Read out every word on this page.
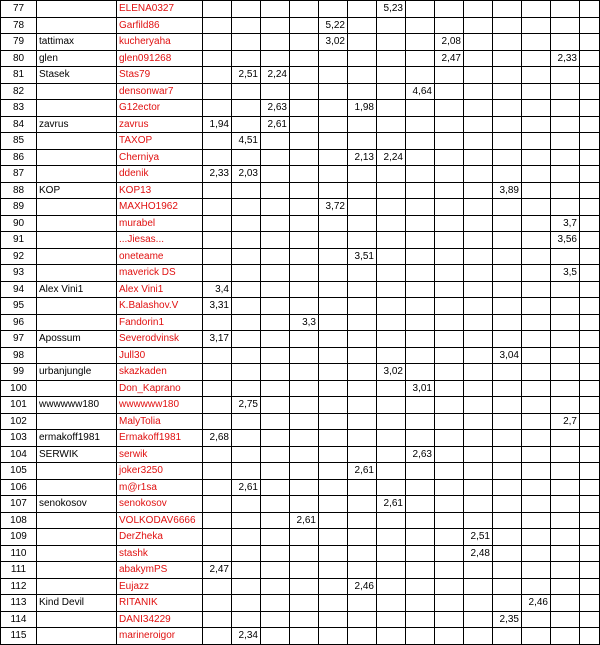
77		ELENA0327							5,23								
78		Garfild86					5,22										
79	tattimax	kucheryaha					3,02				2,08						
80	glen	glen091268									2,47				2,33		
81	Stasek	Stas79		2,51	2,24												
82		densonwar7								4,64							
83		G12ector			2,63			1,98									
84	zavrus	zavrus	1,94		2,61												
85		TAXOP		4,51													
86		Cherniya						2,13	2,24								
87		ddenik	2,33	2,03													
88	KOP	KOP13											3,89				
89		MAXHO1962					3,72										
90		murabel													3,7		
91		...Jiesas...													3,56		
92		oneteame						3,51									
93		maverick DS													3,5		
94	Alex Vini1	Alex Vini1	3,4														
95		K.Balashov.V	3,31														
96		Fandorin1				3,3											
97	Apossum	Severodvinsk	3,17														
98		Jull30											3,04				
99	urbanjungle	skazkaden							3,02								
100		Don_Kaprano								3,01							
101	wwwwww180	wwwwww180		2,75													
102		MalyTolia													2,7		
103	ermakoff1981	Ermakoff1981	2,68														
104	SERWIK	serwik								2,63							
105		joker3250						2,61									
106		m@r1sa		2,61													
107	senokosov	senokosov							2,61								
108		VOLKODAV6666				2,61											
109		DerZheka										2,51					
110		stashk										2,48					
111		abakymPS	2,47														
112		Eujazz						2,46									
113	Kind Devil	RITANIK												2,46			
114		DANI34229											2,35				
115		marineroigor		2,34													
